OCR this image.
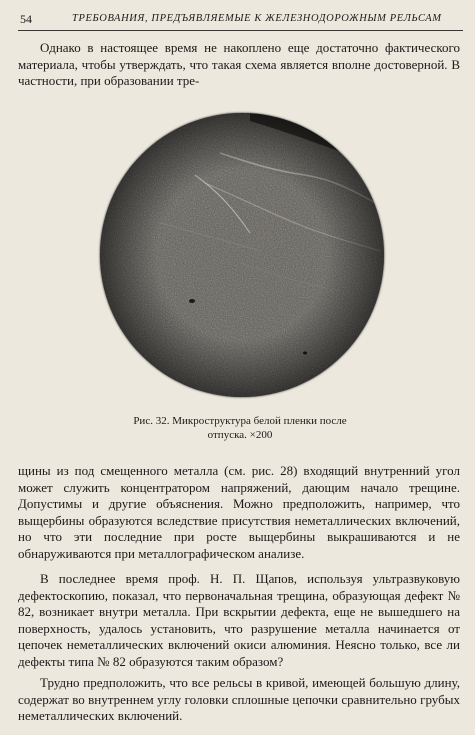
54	ТРЕБОВАНИЯ, ПРЕДЪЯВЛЯЕМЫЕ К ЖЕЛЕЗНОДОРОЖНЫМ РЕЛЬСАМ

Однако в настоящее время не накоплено еще достаточно фактического материала, чтобы утверждать, что такая схема является вполне достоверной. В частности, при образовании тре-

Рис. 32. Микроструктура белой пленки после
отпуска. ×200

щины из под смещенного металла (см. рис. 28) входящий внутренний угол может служить концентратором напряжений, дающим начало трещине. Допустимы и другие объяснения. Можно предположить, например, что выщербины образуются вследствие присутствия неметаллических включений, но что эти последние при росте выщербины выкрашиваются и не обнаруживаются при металлографическом анализе.

В последнее время проф. Н. П. Щапов, используя ультразвуковую дефектоскопию, показал, что первоначальная трещина, образующая дефект № 82, возникает внутри металла. При вскрытии дефекта, еще не вышедшего на поверхность, удалось установить, что разрушение металла начинается от цепочек неметаллических включений окиси алюминия. Неясно только, все ли дефекты типа № 82 образуются таким образом?

Трудно предположить, что все рельсы в кривой, имеющей большую длину, содержат во внутреннем углу головки сплошные цепочки сравнительно грубых неметаллических включений.
